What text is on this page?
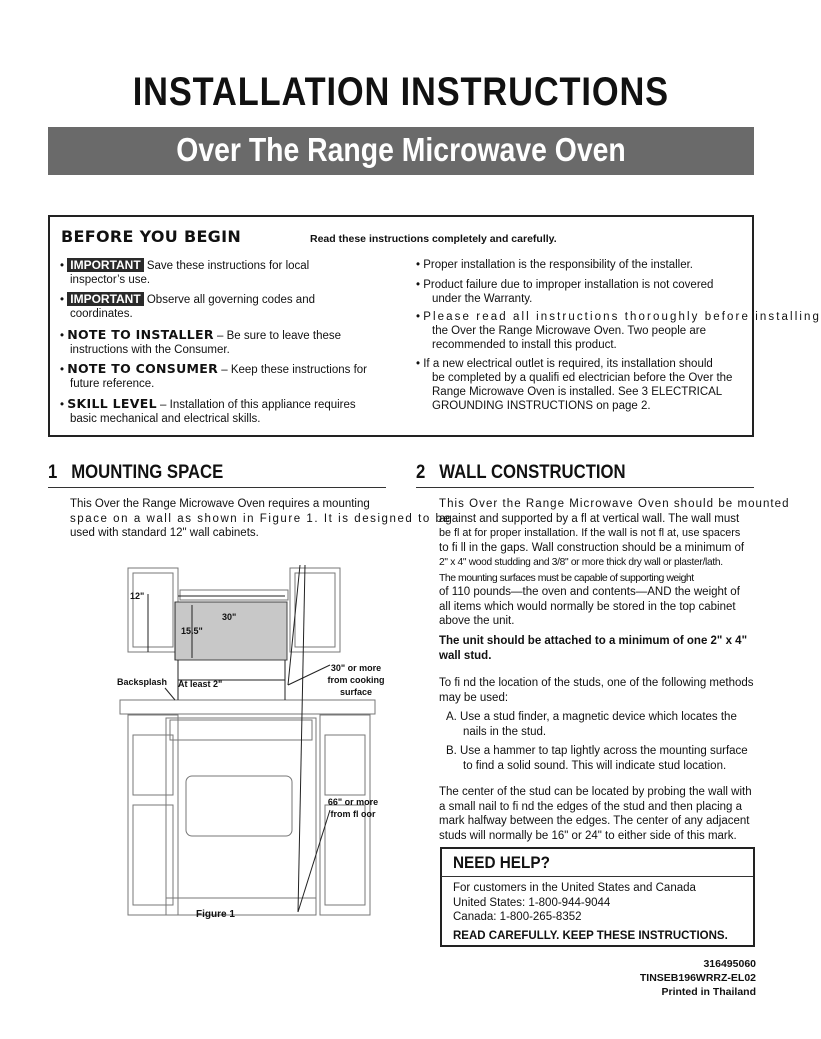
INSTALLATION INSTRUCTIONS
Over The Range Microwave Oven
BEFORE YOU BEGIN	Read these instructions completely and carefully.
• IMPORTANT Save these instructions for local
inspector’s use.
• IMPORTANT Observe all governing codes and
coordinates.
• NOTE TO INSTALLER – Be sure to leave these
instructions with the Consumer.
• NOTE TO CONSUMER – Keep these instructions for
future reference.
• SKILL LEVEL – Installation of this appliance requires
basic mechanical and electrical skills.
• Proper installation is the responsibility of the installer.
• Product failure due to improper installation is not covered
under the Warranty.
• Please read all instructions thoroughly before installing
the Over the Range Microwave Oven. Two people are
recommended to install this product.
• If a new electrical outlet is required, its installation should
be completed by a qualifi ed electrician before the Over the
Range Microwave Oven is installed. See 3 ELECTRICAL
GROUNDING INSTRUCTIONS on page 2.
1 MOUNTING SPACE
This Over the Range Microwave Oven requires a mounting
space on a wall as shown in Figure 1. It is designed to be
used with standard 12" wall cabinets.
12"
30"
15.5"
Backsplash At least 2"
30" or more
from cooking
surface
66" or more
from fl oor
Figure 1
2 WALL CONSTRUCTION
This Over the Range Microwave Oven should be mounted
against and supported by a fl at vertical wall. The wall must
be fl at for proper installation. If the wall is not fl at, use spacers
to fi ll in the gaps. Wall construction should be a minimum of
2" x 4" wood studding and 3/8" or more thick dry wall or plaster/lath.
The mounting surfaces must be capable of supporting weight
of 110 pounds—the oven and contents—AND the weight of
all items which would normally be stored in the top cabinet
above the unit.
The unit should be attached to a minimum of one 2" x 4"
wall stud.
To fi nd the location of the studs, one of the following methods
may be used:
A. Use a stud finder, a magnetic device which locates the
nails in the stud.
B. Use a hammer to tap lightly across the mounting surface
to find a solid sound. This will indicate stud location.
The center of the stud can be located by probing the wall with
a small nail to fi nd the edges of the stud and then placing a
mark halfway between the edges. The center of any adjacent
studs will normally be 16" or 24" to either side of this mark.
NEED HELP?
For customers in the United States and Canada
United States: 1-800-944-9044
Canada: 1-800-265-8352
READ CAREFULLY. KEEP THESE INSTRUCTIONS.
316495060
TINSEB196WRRZ-EL02
Printed in Thailand
